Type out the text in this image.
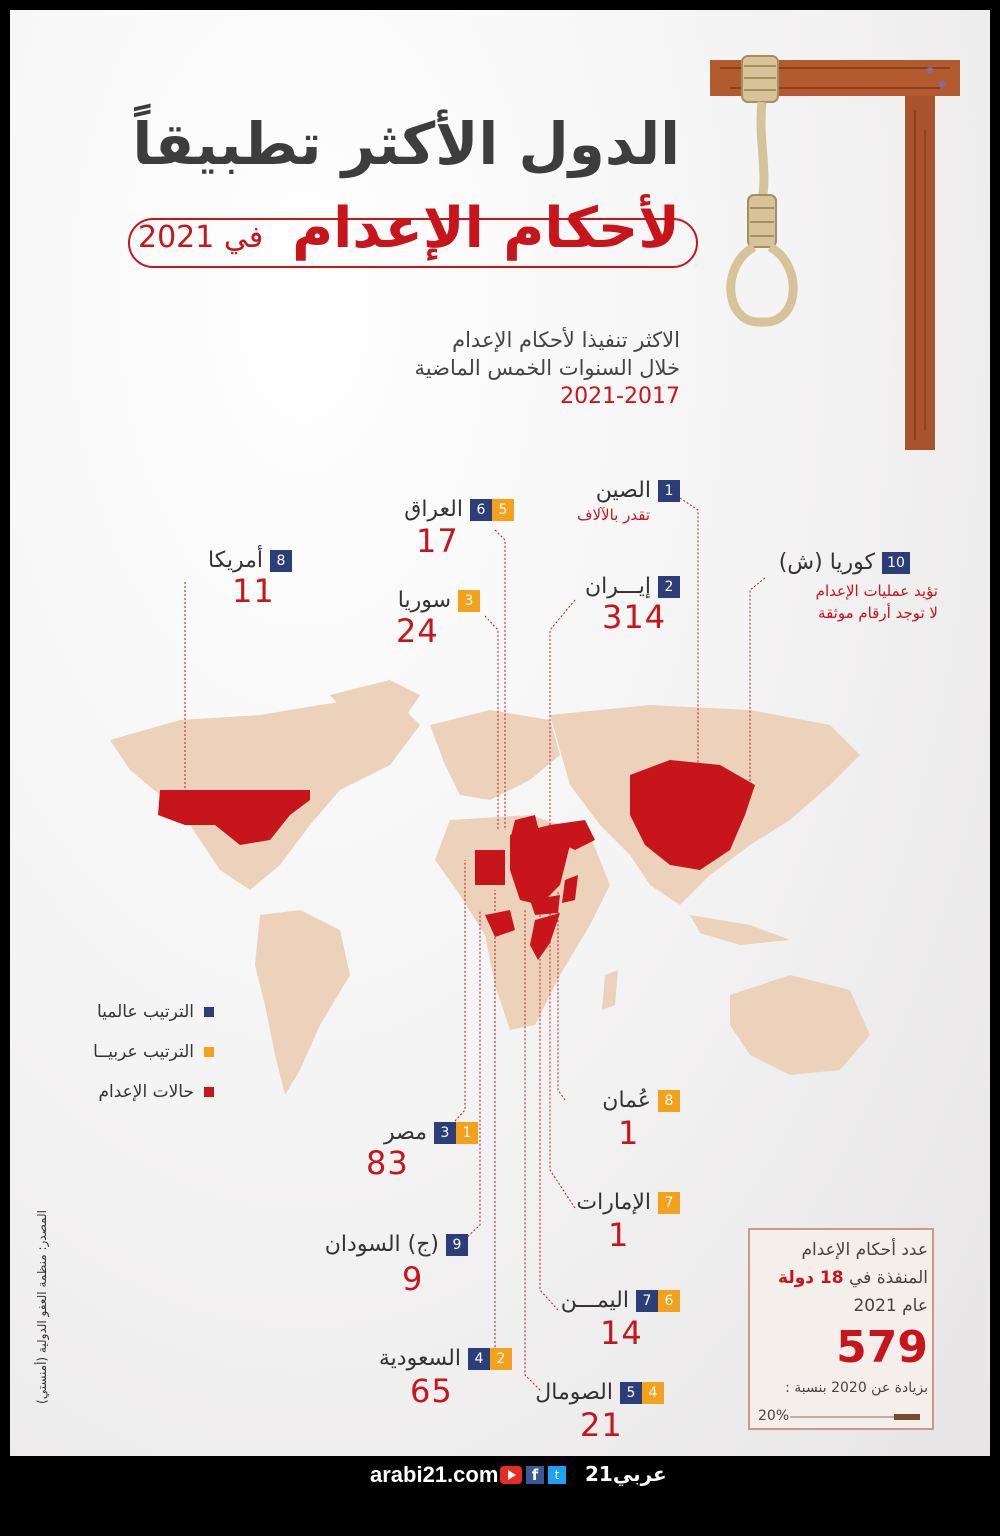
الدول الأكثر تطبيقاً
لأحكام الإعدام
في 2021
الاكثر تنفيذا لأحكام الإعدام
خلال السنوات الخمس الماضية
2021-2017
1 الصين
تقدر بالآلاف
56 العراق
17
8 أمريكا
11
10 كوريا (ش)
تؤيد عمليات الإعدام
لا توجد أرقام موثقة
3 سوريا
24
2 إيـــران
314
الترتيب عالميا
الترتيب عربيــا
حالات الإعدام	8 عُمان
1
13 مصر
83
7 الإمارات
1
9 (ج) السودان
9
67 اليمـــن
14
24 السعودية
65	45 الصومال
21
عدد أحكام الإعدام
المنفذة في 18 دولة
عام 2021
579
بزيادة عن 2020 بنسبة :
20%
المصدر: منظمة العفو الدولية (أمنستي)
arabi21.com	f	t	عربي21
